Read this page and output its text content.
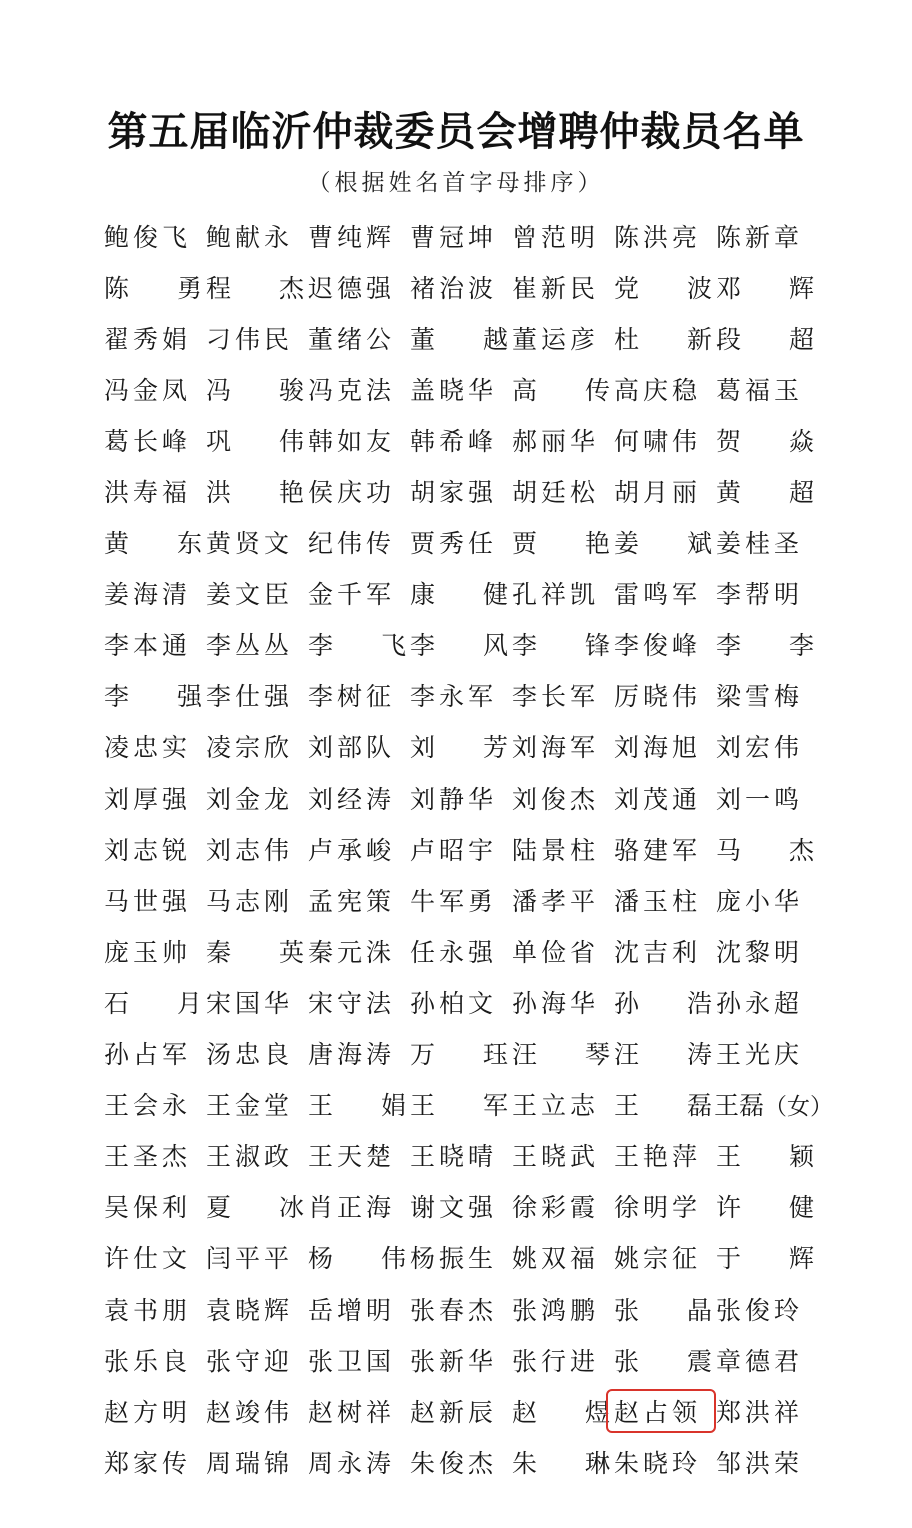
第五届临沂仲裁委员会增聘仲裁员名单
（根据姓名首字母排序）
鲍 俊 飞 鲍 献 永 曹 纯 辉 曹 冠 坤 曾 范 明 陈 洪 亮 陈 新 章
陈 勇 程 杰 迟 德 强 褚 治 波 崔 新 民 党 波 邓 辉
翟 秀 娟 刁 伟 民 董 绪 公 董 越 董 运 彦 杜 新 段 超
冯 金 凤 冯 骏 冯 克 法 盖 晓 华 高 传 高 庆 稳 葛 福 玉
葛 长 峰 巩 伟 韩 如 友 韩 希 峰 郝 丽 华 何 啸 伟 贺 焱
洪 寿 福 洪 艳 侯 庆 功 胡 家 强 胡 廷 松 胡 月 丽 黄 超
黄 东 黄 贤 文 纪 伟 传 贾 秀 任 贾 艳 姜 斌 姜 桂 圣
姜 海 清 姜 文 臣 金 千 军 康 健 孔 祥 凯 雷 鸣 军 李 帮 明
李 本 通 李 丛 丛 李 飞 李 风 李 锋 李 俊 峰 李 李
李 强 李 仕 强 李 树 征 李 永 军 李 长 军 厉 晓 伟 梁 雪 梅
凌 忠 实 凌 宗 欣 刘 部 队 刘 芳 刘 海 军 刘 海 旭 刘 宏 伟
刘 厚 强 刘 金 龙 刘 经 涛 刘 静 华 刘 俊 杰 刘 茂 通 刘 一 鸣
刘 志 锐 刘 志 伟 卢 承 峻 卢 昭 宇 陆 景 柱 骆 建 军 马 杰
马 世 强 马 志 刚 孟 宪 策 牛 军 勇 潘 孝 平 潘 玉 柱 庞 小 华
庞 玉 帅 秦 英 秦 元 洙 任 永 强 单 俭 省 沈 吉 利 沈 黎 明
石 月 宋 国 华 宋 守 法 孙 柏 文 孙 海 华 孙 浩 孙 永 超
孙 占 军 汤 忠 良 唐 海 涛 万 珏 汪 琴 汪 涛 王 光 庆
王 会 永 王 金 堂 王 娟 王 军 王 立 志 王 磊 王 磊 （女）
王 圣 杰 王 淑 政 王 天 楚 王 晓 晴 王 晓 武 王 艳 萍 王 颖
吴 保 利 夏 冰 肖 正 海 谢 文 强 徐 彩 霞 徐 明 学 许 健
许 仕 文 闫 平 平 杨 伟 杨 振 生 姚 双 福 姚 宗 征 于 辉
袁 书 朋 袁 晓 辉 岳 增 明 张 春 杰 张 鸿 鹏 张 晶 张 俊 玲
张 乐 良 张 守 迎 张 卫 国 张 新 华 张 行 进 张 震 章 德 君
赵 方 明 赵 竣 伟 赵 树 祥 赵 新 辰 赵 煜 赵 占 领 郑 洪 祥
郑 家 传 周 瑞 锦 周 永 涛 朱 俊 杰 朱 琳 朱 晓 玲 邹 洪 荣
